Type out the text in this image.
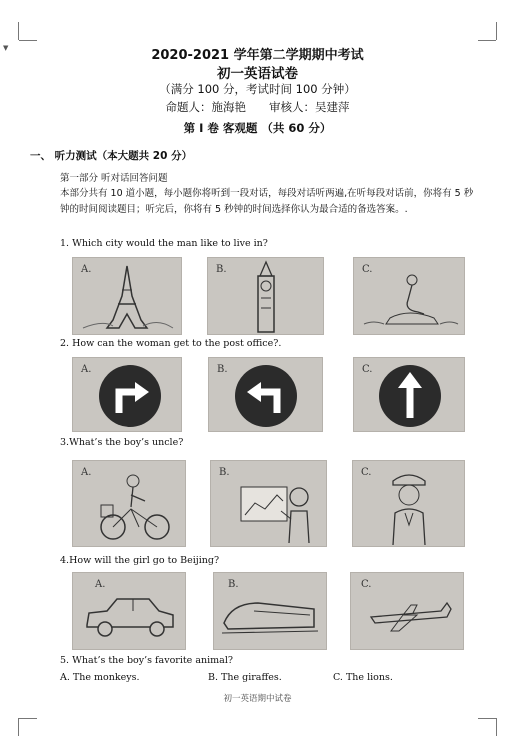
▼	2020-2021 学年第二学期期中考试
初一英语试卷
（满分 100 分，考试时间 100 分钟）
命题人：施海艳　　审核人：吴建萍
第 I 卷 客观题 （共 60 分）
一、 听力测试（本大题共 20 分）
第一部分 听对话回答问题
本部分共有 10 道小题，每小题你将听到一段对话，每段对话听两遍,在听每段对话前，你将有 5 秒钟的时间阅读题目；听完后，你将有 5 秒钟的时间选择你认为最合适的备选答案。.
1. Which city would the man like to live in?
A.	B.	C.
2. How can the woman get to the post office?.
A.	B.	C.
3.What’s the boy’s uncle?
A.	B.	C.
4.How will the girl go to Beijing?
A.	B.	C.
5. What’s the boy’s favorite animal?
A. The monkeys.	B. The giraffes.	C. The lions.
初一英语期中试卷
